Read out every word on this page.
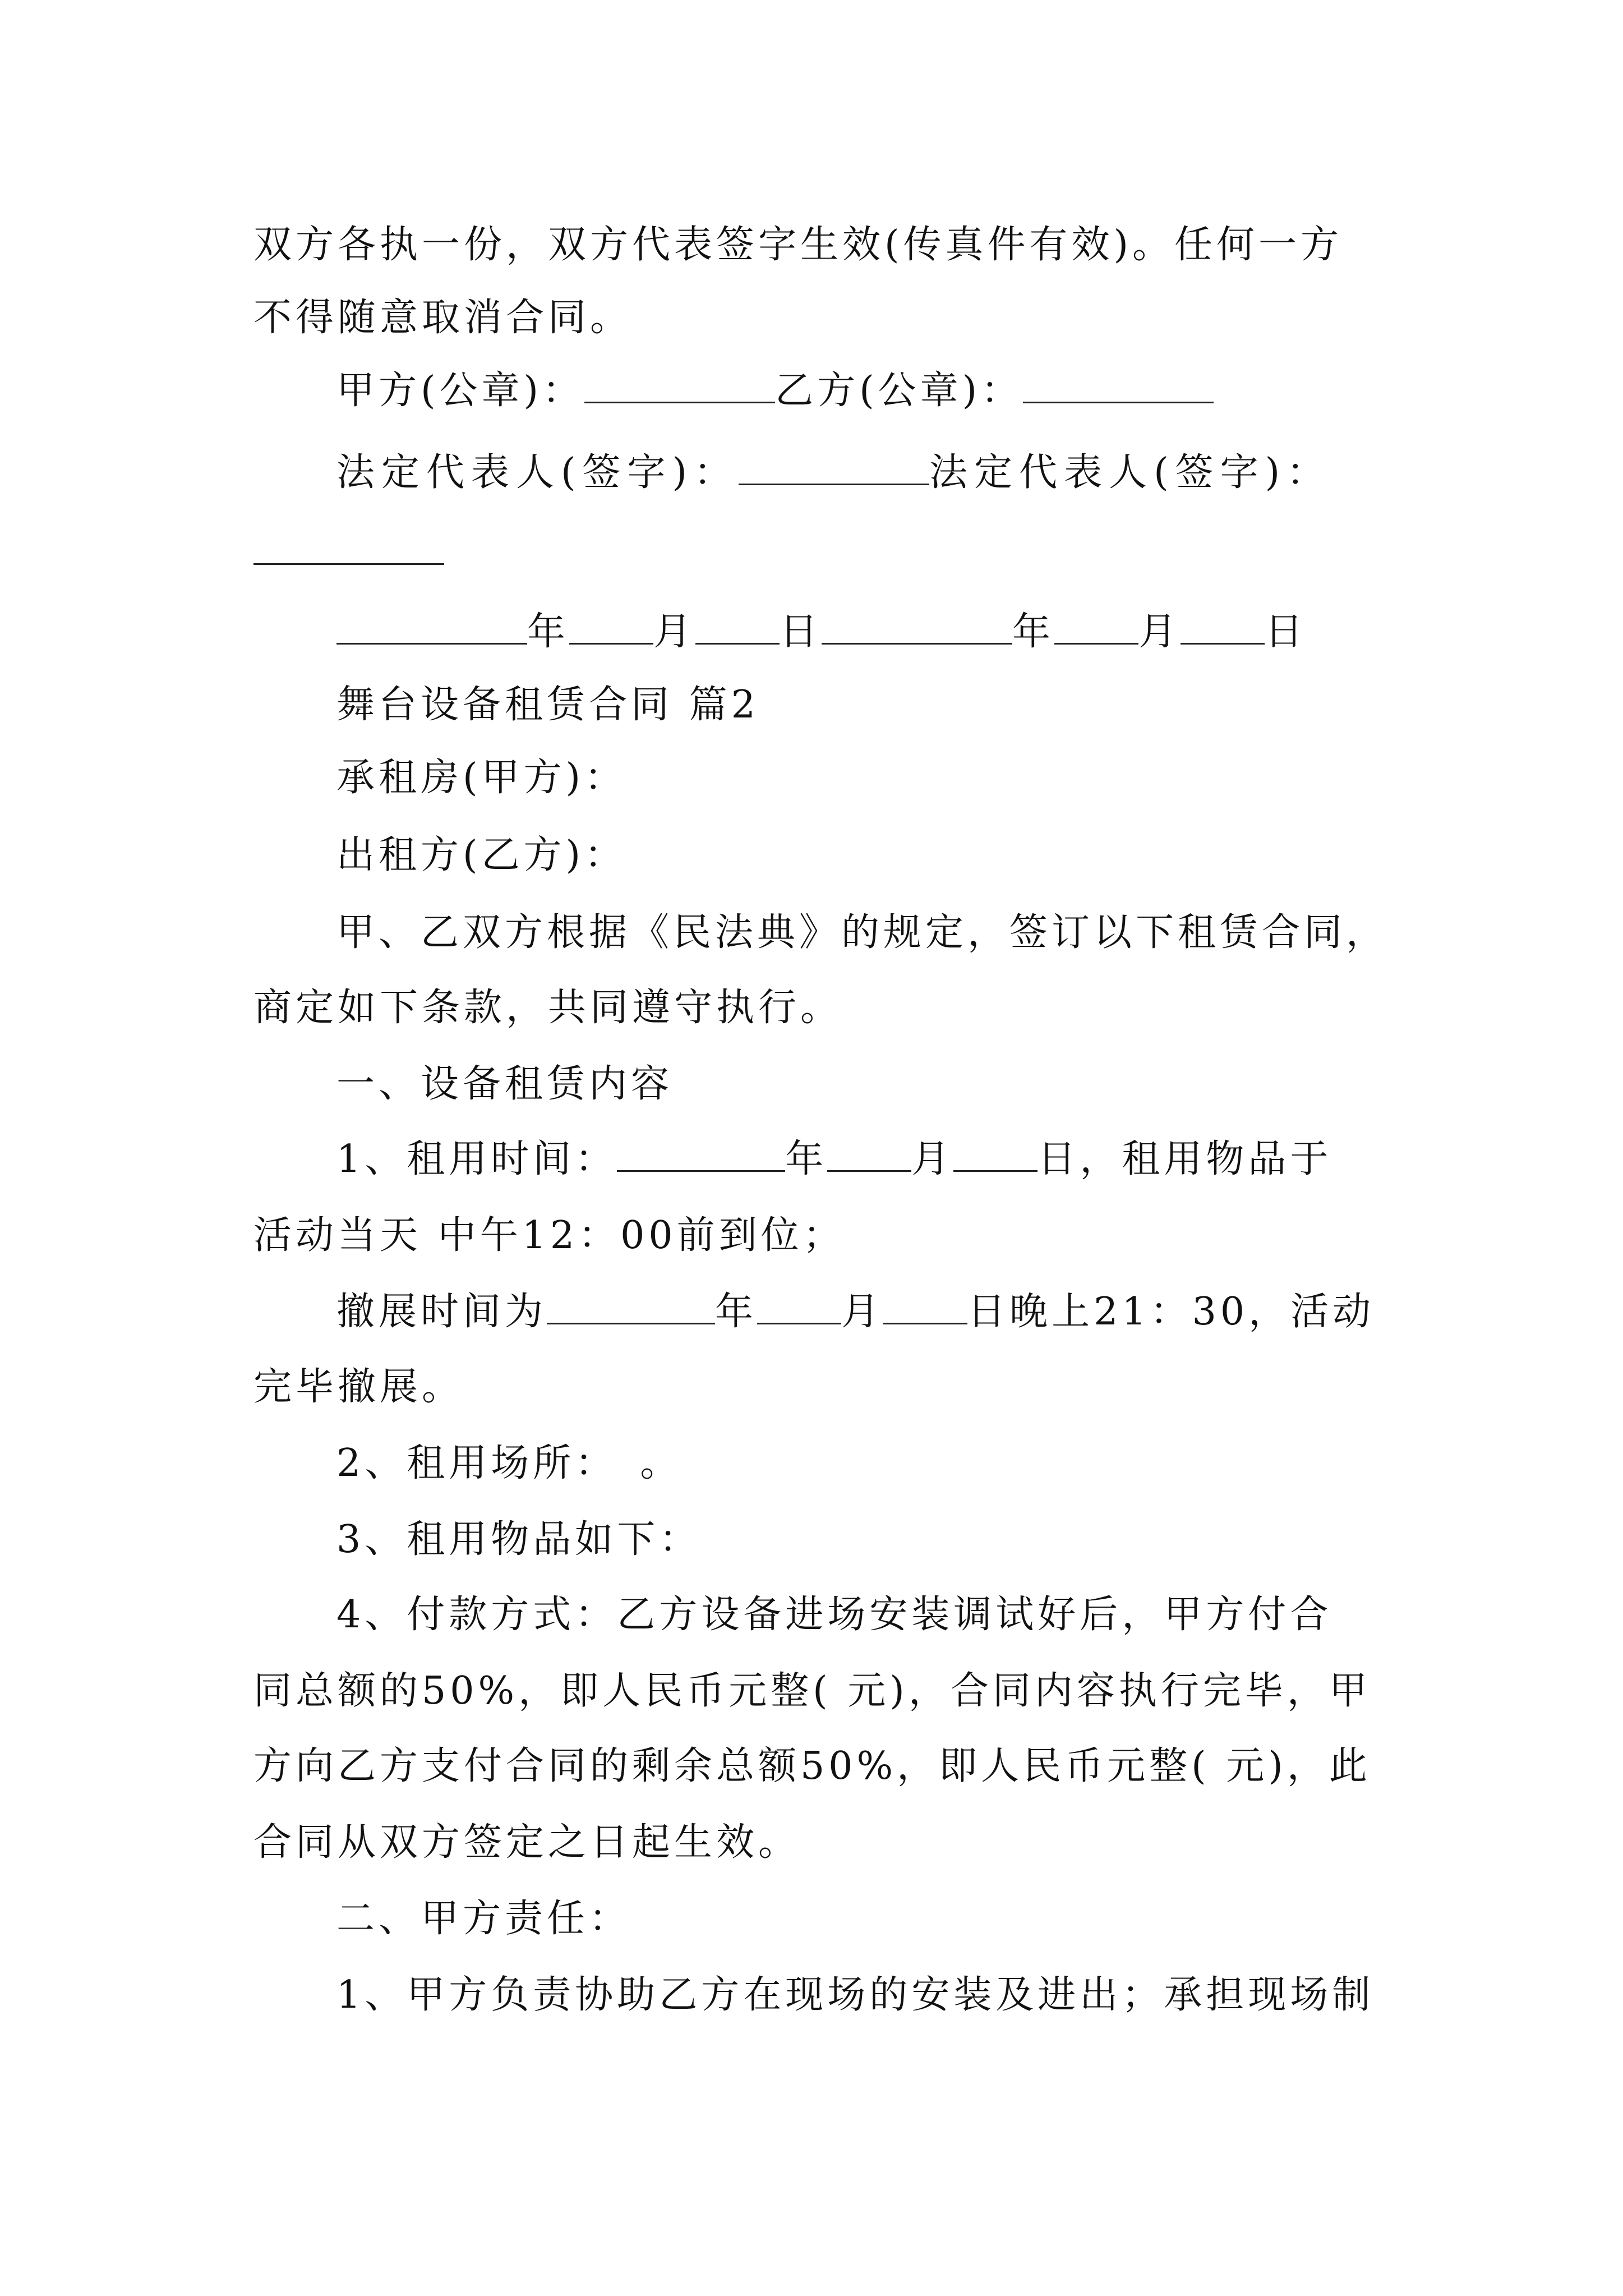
双方各执一份，双方代表签字生效(传真件有效)。任何一方
不得随意取消合同。
甲方(公章)：	乙方(公章)：
法定代表人(签字)：	法定代表人(签字)：
年 月 日	年 月 日
舞台设备租赁合同 篇2
承租房(甲方)：
出租方(乙方)：
甲、乙双方根据《民法典》的规定，签订以下租赁合同，
商定如下条款，共同遵守执行。
一、设备租赁内容
1、租用时间：	年 月 日，租用物品于
活动当天 中午12：00前到位；
撤展时间为	年 月 日晚上21：30，活动
完毕撤展。
2、租用场所：　。
3、租用物品如下：
4、付款方式：乙方设备进场安装调试好后，甲方付合
同总额的50%，即人民币元整( 元)，合同内容执行完毕，甲
方向乙方支付合同的剩余总额50%，即人民币元整( 元)，此
合同从双方签定之日起生效。
二、甲方责任：
1、甲方负责协助乙方在现场的安装及进出；承担现场制
